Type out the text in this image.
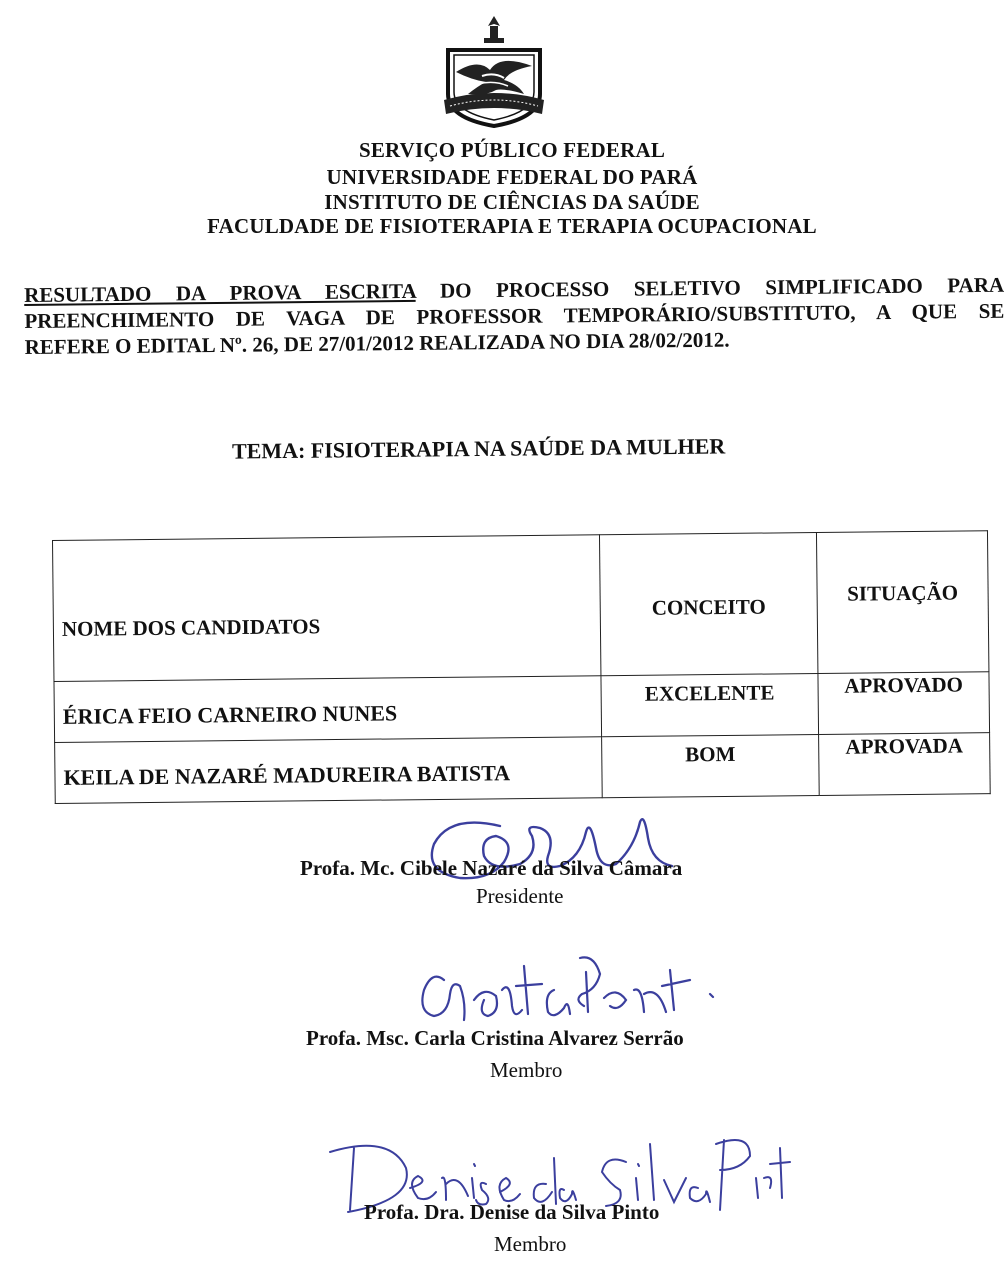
SERVIÇO PÚBLICO FEDERAL
UNIVERSIDADE FEDERAL DO PARÁ
INSTITUTO DE CIÊNCIAS DA SAÚDE
FACULDADE DE FISIOTERAPIA E TERAPIA OCUPACIONAL
RESULTADO DA PROVA ESCRITA DO PROCESSO SELETIVO SIMPLIFICADO PARA
PREENCHIMENTO DE VAGA DE PROFESSOR TEMPORÁRIO/SUBSTITUTO, A QUE SE
REFERE O EDITAL Nº. 26, DE 27/01/2012 REALIZADA NO DIA 28/02/2012.
TEMA: FISIOTERAPIA NA SAÚDE DA MULHER
NOME DOS CANDIDATOS	CONCEITO	SITUAÇÃO
ÉRICA FEIO CARNEIRO NUNES	EXCELENTE	APROVADO
KEILA DE NAZARÉ MADUREIRA BATISTA	BOM	APROVADA
Profa. Mc. Cibele Nazaré da Silva Câmara
Presidente
Profa. Msc. Carla Cristina Alvarez Serrão
Membro
Profa. Dra. Denise da Silva Pinto
Membro
